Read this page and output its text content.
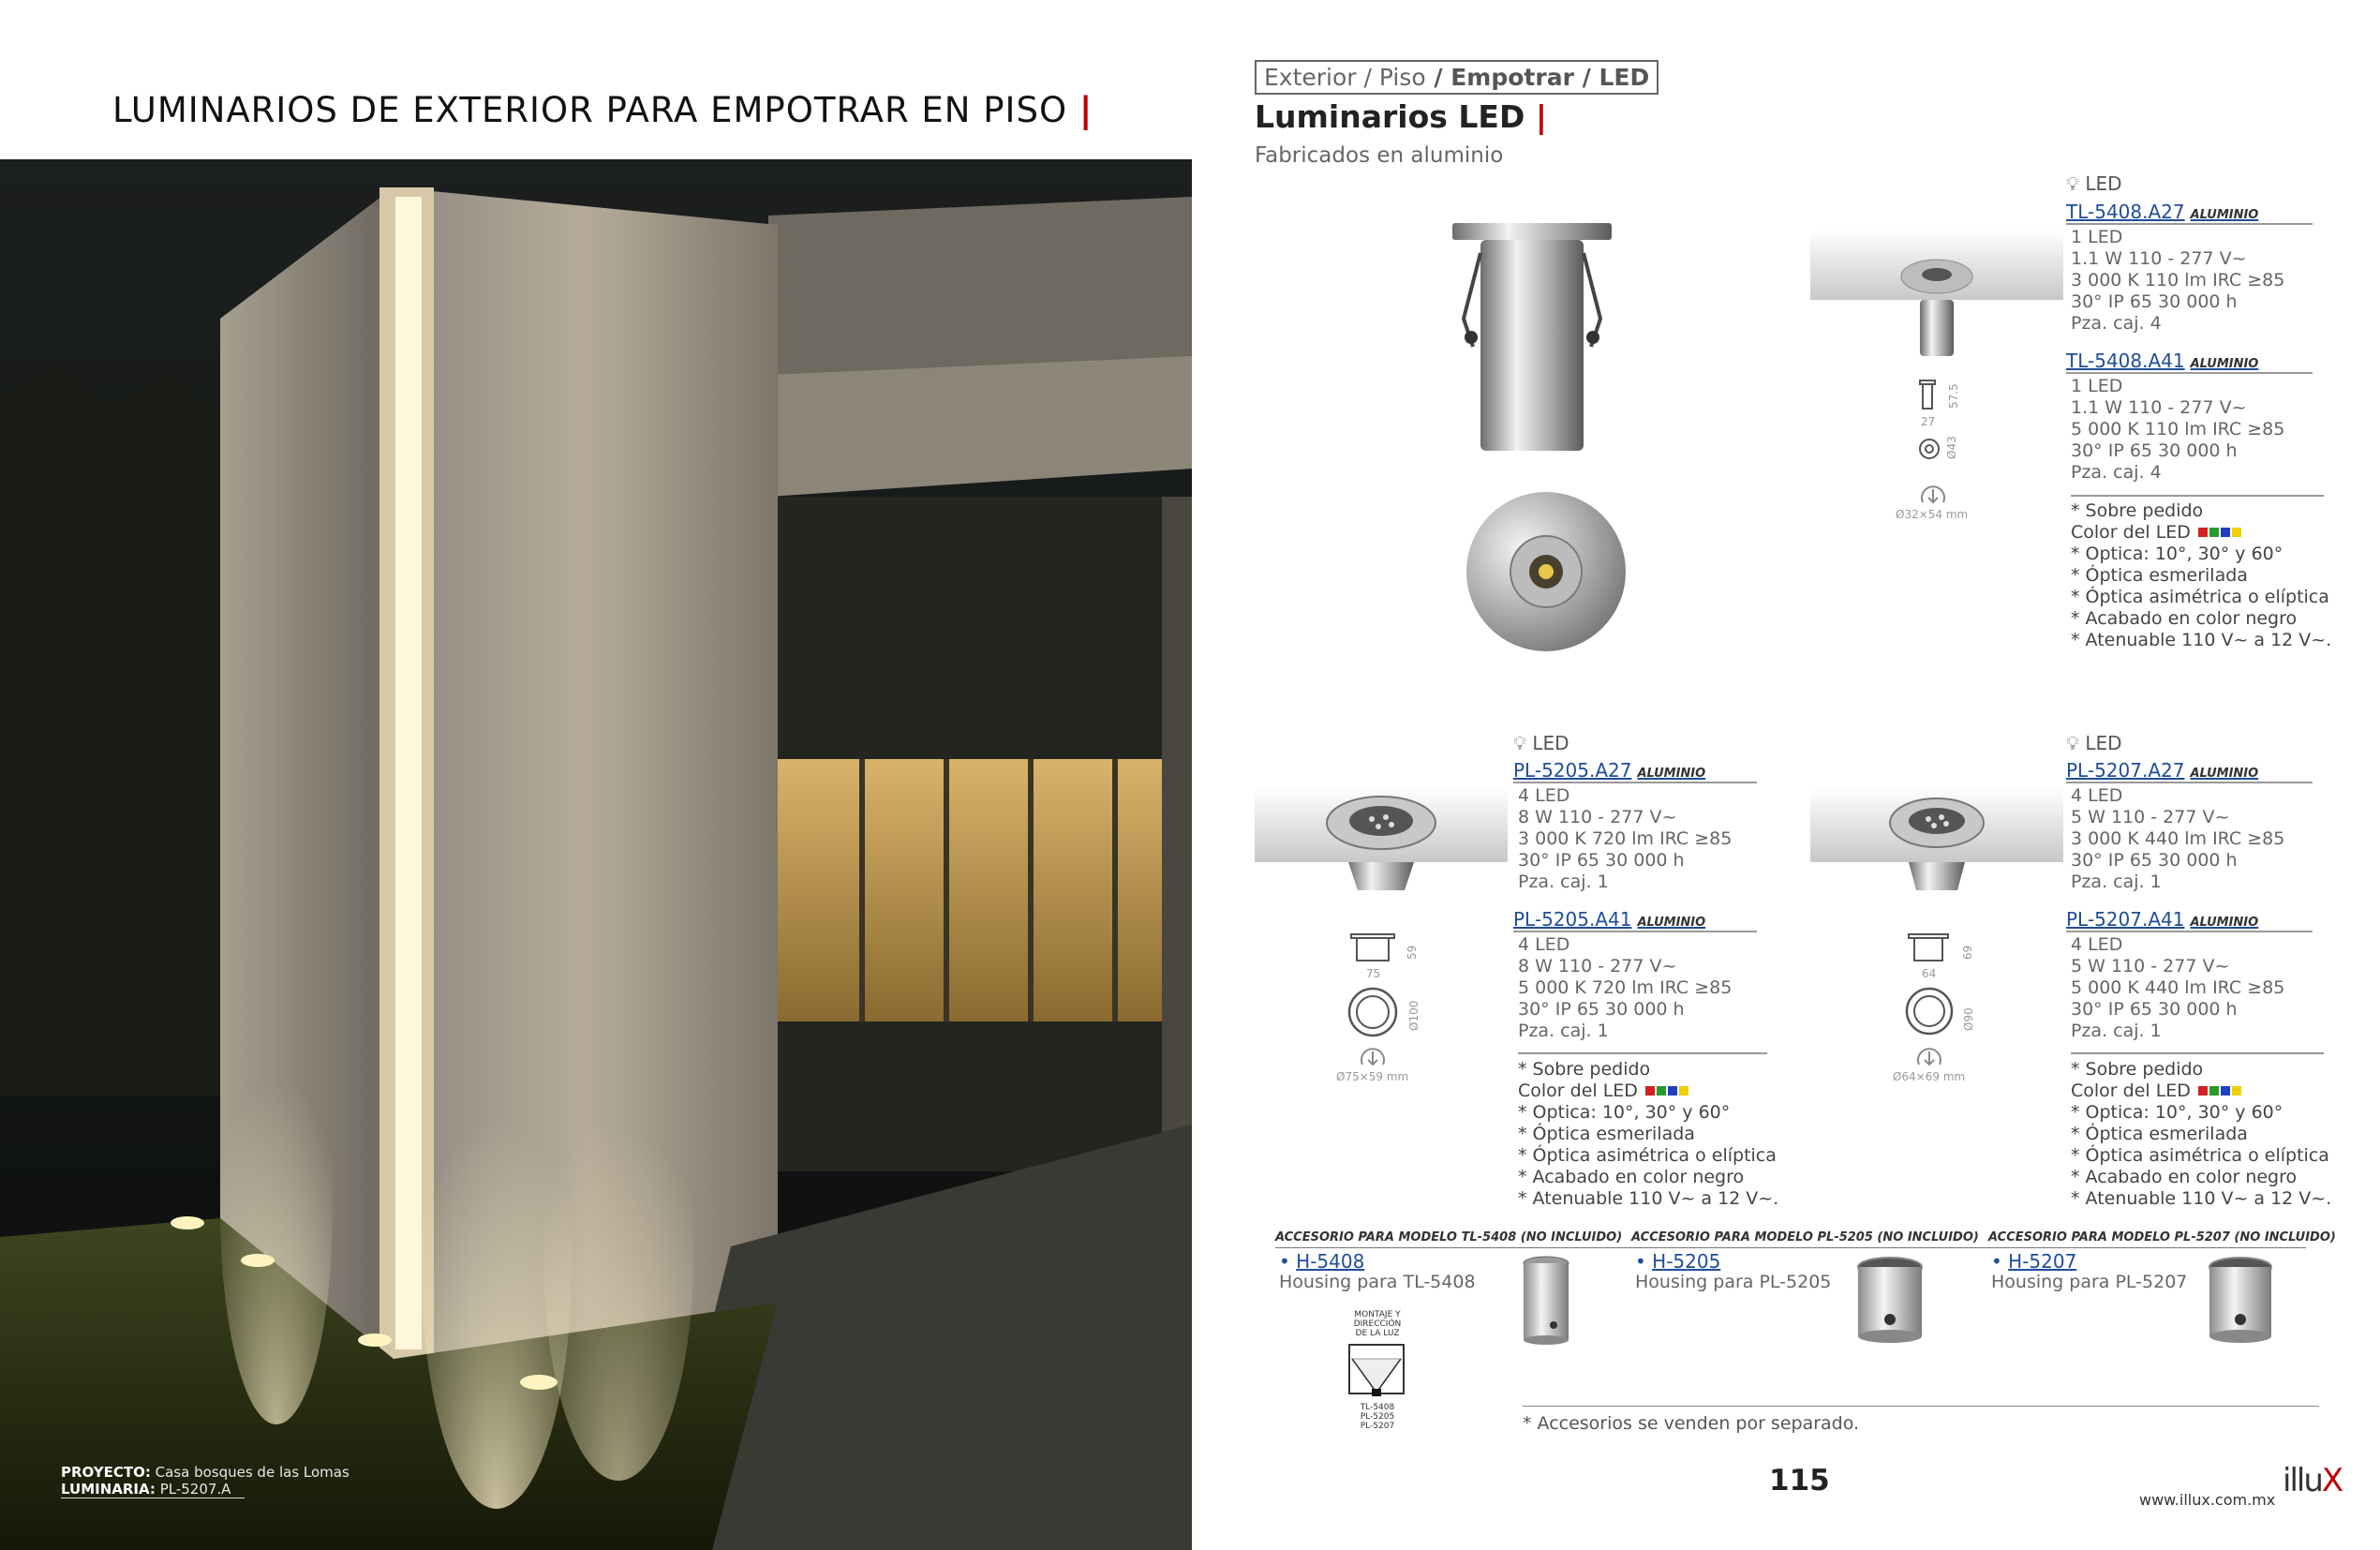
LUMINARIOS DE EXTERIOR PARA EMPOTRAR EN PISO |
PROYECTO: Casa bosques de las Lomas
LUMINARIA: PL-5207.A
Exterior / Piso / Empotrar / LED
Luminarios LED |
Fabricados en aluminio
57.5
27
Ø43
Ø32×54 mm
💡︎ LED
TL-5408.A27 ALUMINIO
1 LED
1.1 W 110 - 277 V~
3 000 K 110 lm IRC ≥85
30° IP 65 30 000 h
Pza. caj. 4
TL-5408.A41 ALUMINIO
1 LED
1.1 W 110 - 277 V~
5 000 K 110 lm IRC ≥85
30° IP 65 30 000 h
Pza. caj. 4
* Sobre pedido
Color del LED
* Optica: 10°, 30° y 60°
* Óptica esmerilada
* Óptica asimétrica o elíptica
* Acabado en color negro
* Atenuable 110 V~ a 12 V~.
59
75
Ø100
Ø75×59 mm
💡︎ LED
PL-5205.A27 ALUMINIO
4 LED
8 W 110 - 277 V~
3 000 K 720 lm IRC ≥85
30° IP 65 30 000 h
Pza. caj. 1
PL-5205.A41 ALUMINIO
4 LED
8 W 110 - 277 V~
5 000 K 720 lm IRC ≥85
30° IP 65 30 000 h
Pza. caj. 1
* Sobre pedido
Color del LED
* Optica: 10°, 30° y 60°
* Óptica esmerilada
* Óptica asimétrica o elíptica
* Acabado en color negro
* Atenuable 110 V~ a 12 V~.
69
64
Ø90
Ø64×69 mm
💡︎ LED
PL-5207.A27 ALUMINIO
4 LED
5 W 110 - 277 V~
3 000 K 440 lm IRC ≥85
30° IP 65 30 000 h
Pza. caj. 1
PL-5207.A41 ALUMINIO
4 LED
5 W 110 - 277 V~
5 000 K 440 lm IRC ≥85
30° IP 65 30 000 h
Pza. caj. 1
* Sobre pedido
Color del LED
* Optica: 10°, 30° y 60°
* Óptica esmerilada
* Óptica asimétrica o elíptica
* Acabado en color negro
* Atenuable 110 V~ a 12 V~.
ACCESORIO PARA MODELO TL-5408 (NO INCLUIDO) ACCESORIO PARA MODELO PL-5205 (NO INCLUIDO) ACCESORIO PARA MODELO PL-5207 (NO INCLUIDO)
• H-5408
Housing para TL-5408
• H-5205
Housing para PL-5205
• H-5207
Housing para PL-5207
MONTAJE Y
DIRECCIÓN
DE LA LUZ
TL-5408
PL-5205
PL-5207	* Accesorios se venden por separado.
115
www.illux.com.mx
illuX
